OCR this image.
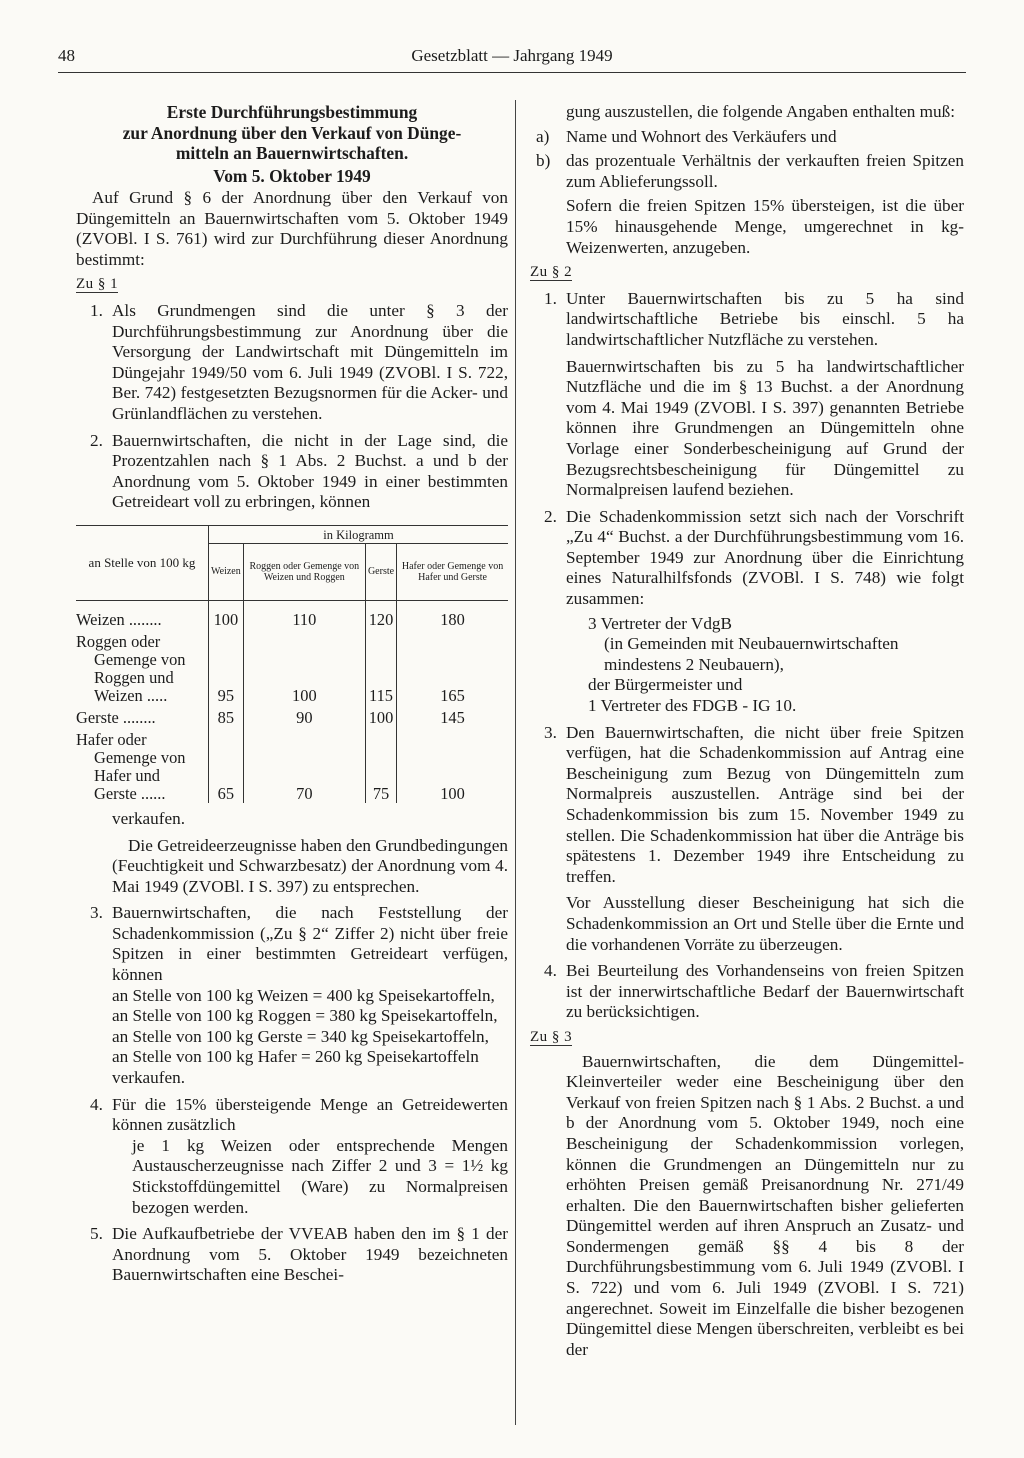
48	Gesetzblatt — Jahrgang 1949

Erste Durchführungsbestimmung

zur Anordnung über den Verkauf von Dünge-

mitteln an Bauernwirtschaften.

Vom 5. Oktober 1949

Auf Grund § 6 der Anordnung über den Verkauf von Düngemitteln an Bauernwirtschaften vom 5. Oktober 1949 (ZVOBl. I S. 761) wird zur Durchführung dieser Anordnung bestimmt:

Zu § 1
1. Als Grundmengen sind die unter § 3 der Durchführungsbestimmung zur Anordnung über die Versorgung der Landwirtschaft mit Düngemitteln im Düngejahr 1949/50 vom 6. Juli 1949 (ZVOBl. I S. 722, Ber. 742) festgesetzten Bezugsnormen für die Acker- und Grünlandflächen zu verstehen.

2. Bauernwirtschaften, die nicht in der Lage sind, die Prozentzahlen nach § 1 Abs. 2 Buchst. a und b der Anordnung vom 5. Oktober 1949 in einer bestimmten Getreideart voll zu erbringen, können

an Stelle von 100 kg	in Kilogramm			
	Weizen	Roggen oder Gemenge von Weizen und Roggen	Gerste	Hafer oder Gemenge von Hafer und Gerste

Weizen ........	100	110	120	180

Roggen oder
Gemenge von
Roggen und
Weizen .....	95	100	115	165

Gerste ........	85	90	100	145

Hafer oder
Gemenge von
Hafer und
Gerste ......	65	70	75	100

verkaufen.

Die Getreideerzeugnisse haben den Grundbedingungen (Feuchtigkeit und Schwarzbesatz) der Anordnung vom 4. Mai 1949 (ZVOBl. I S. 397) zu entsprechen.

3. Bauernwirtschaften, die nach Feststellung der Schadenkommission („Zu § 2“ Ziffer 2) nicht über freie Spitzen in einer bestimmten Getreideart verfügen, können

an Stelle von 100 kg Weizen = 400 kg Speisekartoffeln,

an Stelle von 100 kg Roggen = 380 kg Speisekartoffeln,

an Stelle von 100 kg Gerste = 340 kg Speisekartoffeln,

an Stelle von 100 kg Hafer = 260 kg Speisekartoffeln

verkaufen.

4. Für die 15% übersteigende Menge an Getreidewerten können zusätzlich

je 1 kg Weizen oder entsprechende Mengen Austauscherzeugnisse nach Ziffer 2 und 3 = 1½ kg Stickstoffdüngemittel (Ware) zu Normalpreisen bezogen werden.

5. Die Aufkaufbetriebe der VVEAB haben den im § 1 der Anordnung vom 5. Oktober 1949 bezeichneten Bauernwirtschaften eine Beschei-

gung auszustellen, die folgende Angaben enthalten muß:

a) Name und Wohnort des Verkäufers und

b) das prozentuale Verhältnis der verkauften freien Spitzen zum Ablieferungssoll.

Sofern die freien Spitzen 15% übersteigen, ist die über 15% hinausgehende Menge, umgerechnet in kg-Weizenwerten, anzugeben.

Zu § 2
1. Unter Bauernwirtschaften bis zu 5 ha sind landwirtschaftliche Betriebe bis einschl. 5 ha landwirtschaftlicher Nutzfläche zu verstehen.

Bauernwirtschaften bis zu 5 ha landwirtschaftlicher Nutzfläche und die im § 13 Buchst. a der Anordnung vom 4. Mai 1949 (ZVOBl. I S. 397) genannten Betriebe können ihre Grundmengen an Düngemitteln ohne Vorlage einer Sonderbescheinigung auf Grund der Bezugsrechtsbescheinigung für Düngemittel zu Normalpreisen laufend beziehen.

2. Die Schadenkommission setzt sich nach der Vorschrift „Zu 4“ Buchst. a der Durchführungsbestimmung vom 16. September 1949 zur Anordnung über die Einrichtung eines Naturalhilfsfonds (ZVOBl. I S. 748) wie folgt zusammen:

3 Vertreter der VdgB

(in Gemeinden mit Neubauernwirtschaften mindestens 2 Neubauern),

der Bürgermeister und

1 Vertreter des FDGB - IG 10.

3. Den Bauernwirtschaften, die nicht über freie Spitzen verfügen, hat die Schadenkommission auf Antrag eine Bescheinigung zum Bezug von Düngemitteln zum Normalpreis auszustellen. Anträge sind bei der Schadenkommission bis zum 15. November 1949 zu stellen. Die Schadenkommission hat über die Anträge bis spätestens 1. Dezember 1949 ihre Entscheidung zu treffen.

Vor Ausstellung dieser Bescheinigung hat sich die Schadenkommission an Ort und Stelle über die Ernte und die vorhandenen Vorräte zu überzeugen.

4. Bei Beurteilung des Vorhandenseins von freien Spitzen ist der innerwirtschaftliche Bedarf der Bauernwirtschaft zu berücksichtigen.

Zu § 3

Bauernwirtschaften, die dem Düngemittel-Kleinverteiler weder eine Bescheinigung über den Verkauf von freien Spitzen nach § 1 Abs. 2 Buchst. a und b der Anordnung vom 5. Oktober 1949, noch eine Bescheinigung der Schadenkommission vorlegen, können die Grundmengen an Düngemitteln nur zu erhöhten Preisen gemäß Preisanordnung Nr. 271/49 erhalten. Die den Bauernwirtschaften bisher gelieferten Düngemittel werden auf ihren Anspruch an Zusatz- und Sondermengen gemäß §§ 4 bis 8 der Durchführungsbestimmung vom 6. Juli 1949 (ZVOBl. I S. 722) und vom 6. Juli 1949 (ZVOBl. I S. 721) angerechnet. Soweit im Einzelfalle die bisher bezogenen Düngemittel diese Mengen überschreiten, verbleibt es bei der
